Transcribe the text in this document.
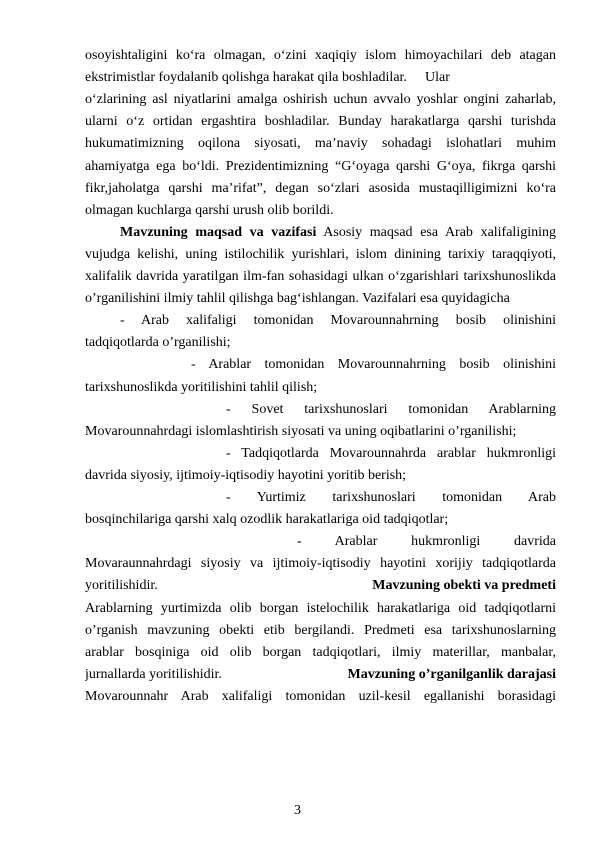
osoyishtaligini ko‘ra olmagan, o‘zini xaqiqiy islom himoyachilari deb atagan
ekstrimistlar foydalanib qolishga harakat qila boshladilar.	Ular
o‘zlarining asl niyatlarini amalga oshirish uchun avvalo yoshlar ongini zaharlab,
ularni o‘z ortidan ergashtira boshladilar. Bunday harakatlarga qarshi turishda
hukumatimizning oqilona siyosati, ma’naviy sohadagi islohatlari muhim
ahamiyatga ega bo‘ldi. Prezidentimizning “G‘oyaga qarshi G‘oya, fikrga qarshi
fikr,jaholatga qarshi ma’rifat”, degan so‘zlari asosida mustaqilligimizni ko‘ra
olmagan kuchlarga qarshi urush olib borildi.
Mavzuning maqsad va vazifasi Asosiy maqsad esa Arab xalifaligining
vujudga kelishi, uning istilochilik yurishlari, islom dinining tarixiy taraqqiyoti,
xalifalik davrida yaratilgan ilm-fan sohasidagi ulkan o‘zgarishlari tarixshunoslikda
o’rganilishini ilmiy tahlil qilishga bag‘ishlangan. Vazifalari esa quyidagicha
- Arab xalifaligi tomonidan Movarounnahrning bosib olinishini
tadqiqotlarda o’rganilishi;
- Arablar tomonidan Movarounnahrning bosib olinishini
tarixshunoslikda yoritilishini tahlil qilish;
- Sovet tarixshunoslari tomonidan Arablarning
Movarounnahrdagi islomlashtirish siyosati va uning oqibatlarini o’rganilishi;
- Tadqiqotlarda Movarounnahrda arablar hukmronligi
davrida siyosiy, ijtimoiy-iqtisodiy hayotini yoritib berish;
- Yurtimiz tarixshunoslari tomonidan Arab
bosqinchilariga qarshi xalq ozodlik harakatlariga oid tadqiqotlar;
- Arablar hukmronligi davrida
Movaraunnahrdagi siyosiy va ijtimoiy-iqtisodiy hayotini xorijiy tadqiqotlarda
yoritilishidir.	Mavzuning obekti va predmeti
Arablarning yurtimizda olib borgan istelochilik harakatlariga oid tadqiqotlarni
o’rganish mavzuning obekti etib bergilandi. Predmeti esa tarixshunoslarning
arablar bosqiniga oid olib borgan tadqiqotlari, ilmiy materillar, manbalar,
jurnallarda yoritilishidir.	Mavzuning o’rganilganlik darajasi
Movarounnahr Arab xalifaligi tomonidan uzil-kesil egallanishi borasidagi
3
